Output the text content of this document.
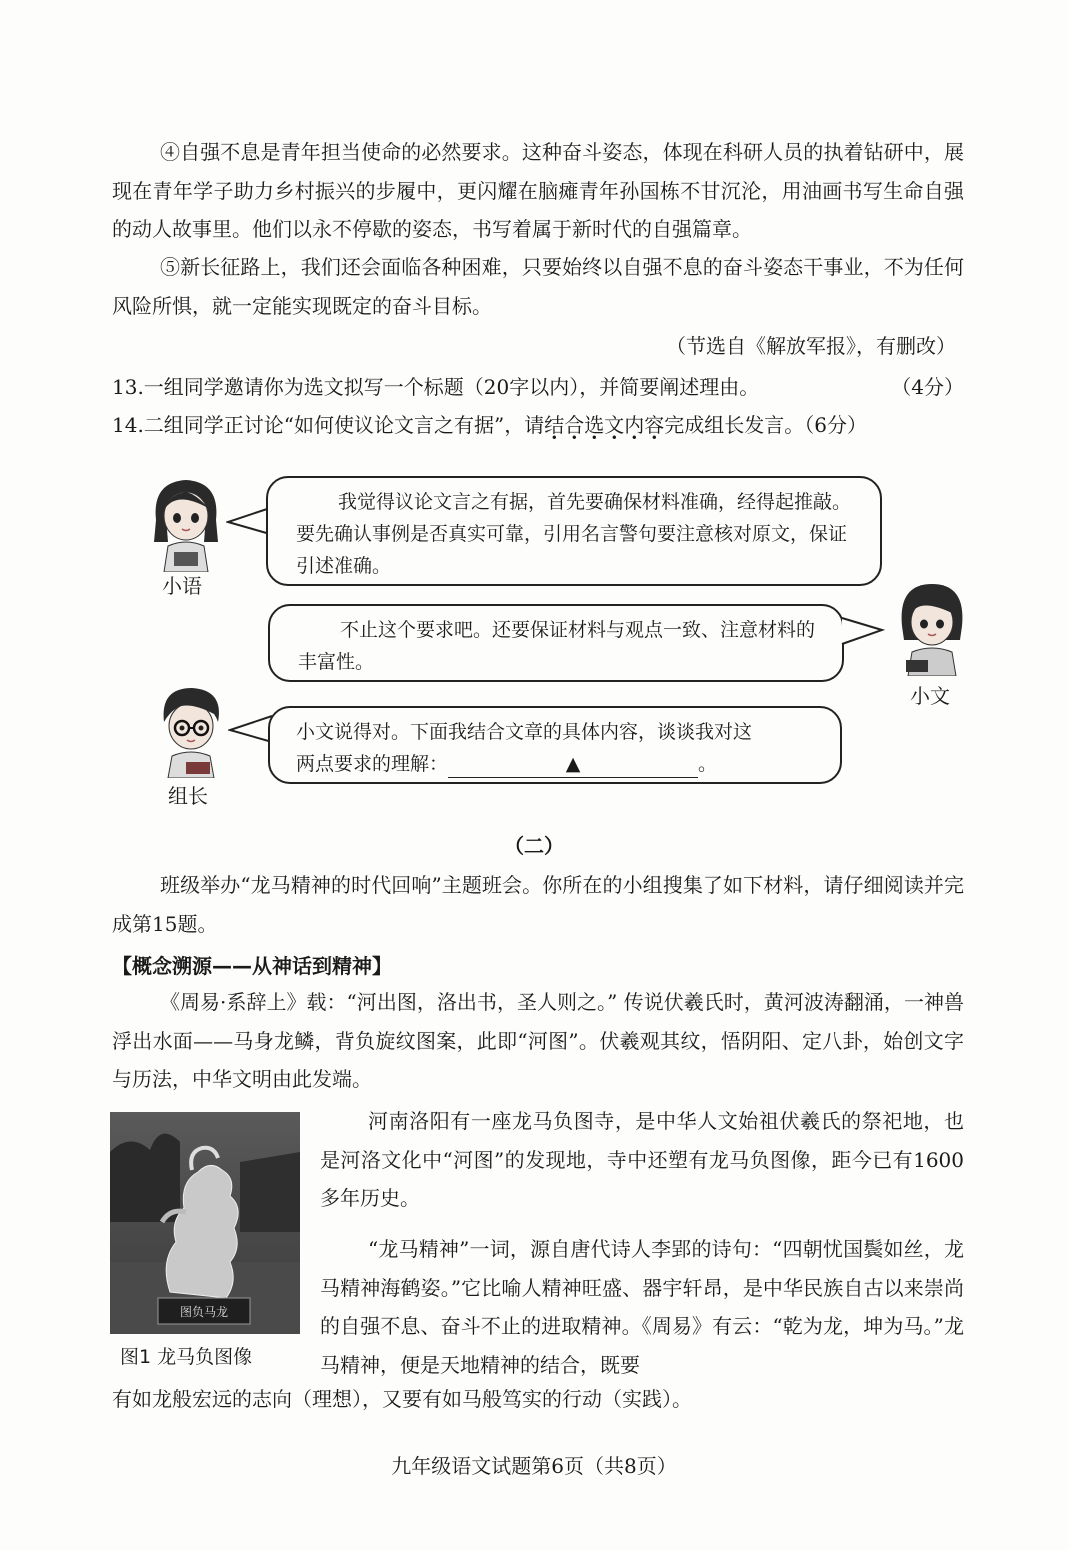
④自强不息是青年担当使命的必然要求。这种奋斗姿态，体现在科研人员的执着钻研中，展现在青年学子助力乡村振兴的步履中，更闪耀在脑瘫青年孙国栋不甘沉沦，用油画书写生命自强的动人故事里。他们以永不停歇的姿态，书写着属于新时代的自强篇章。

⑤新长征路上，我们还会面临各种困难，只要始终以自强不息的奋斗姿态干事业，不为任何风险所惧，就一定能实现既定的奋斗目标。

（节选自《解放军报》，有删改）
13.一组同学邀请你为选文拟写一个标题（20字以内），并简要阐述理由。	（4分）
14.二组同学正讨论“如何使议论文言之有据”，请结合选文内容完成组长发言。（6分）
小语

我觉得议论文言之有据，首先要确保材料准确，经得起推敲。要先确认事例是否真实可靠，引用名言警句要注意核对原文，保证引述准确。

不止这个要求吧。还要保证材料与观点一致、注意材料的丰富性。

小文
组长

小文说得对。下面我结合文章的具体内容，谈谈我对这

两点要求的理解：	▲	。

（二）

班级举办“龙马精神的时代回响”主题班会。你所在的小组搜集了如下材料，请仔细阅读并完成第15题。

【概念溯源——从神话到精神】

《周易·系辞上》载：“河出图，洛出书，圣人则之。” 传说伏羲氏时，黄河波涛翻涌，一神兽浮出水面——马身龙鳞，背负旋纹图案，此即“河图”。伏羲观其纹，悟阴阳、定八卦，始创文字与历法，中华文明由此发端。

图负马龙

河南洛阳有一座龙马负图寺，是中华人文始祖伏羲氏的祭祀地，也是河洛文化中“河图”的发现地，寺中还塑有龙马负图像，距今已有1600多年历史。

“龙马精神”一词，源自唐代诗人李郢的诗句：“四朝忧国鬓如丝，龙马精神海鹤姿。”它比喻人精神旺盛、器宇轩昂，是中华民族自古以来崇尚的自强不息、奋斗不止的进取精神。《周易》有云：“乾为龙，坤为马。”龙马精神，便是天地精神的结合，既要

图1 龙马负图像
有如龙般宏远的志向（理想），又要有如马般笃实的行动（实践）。
九年级语文试题第6页（共8页）
